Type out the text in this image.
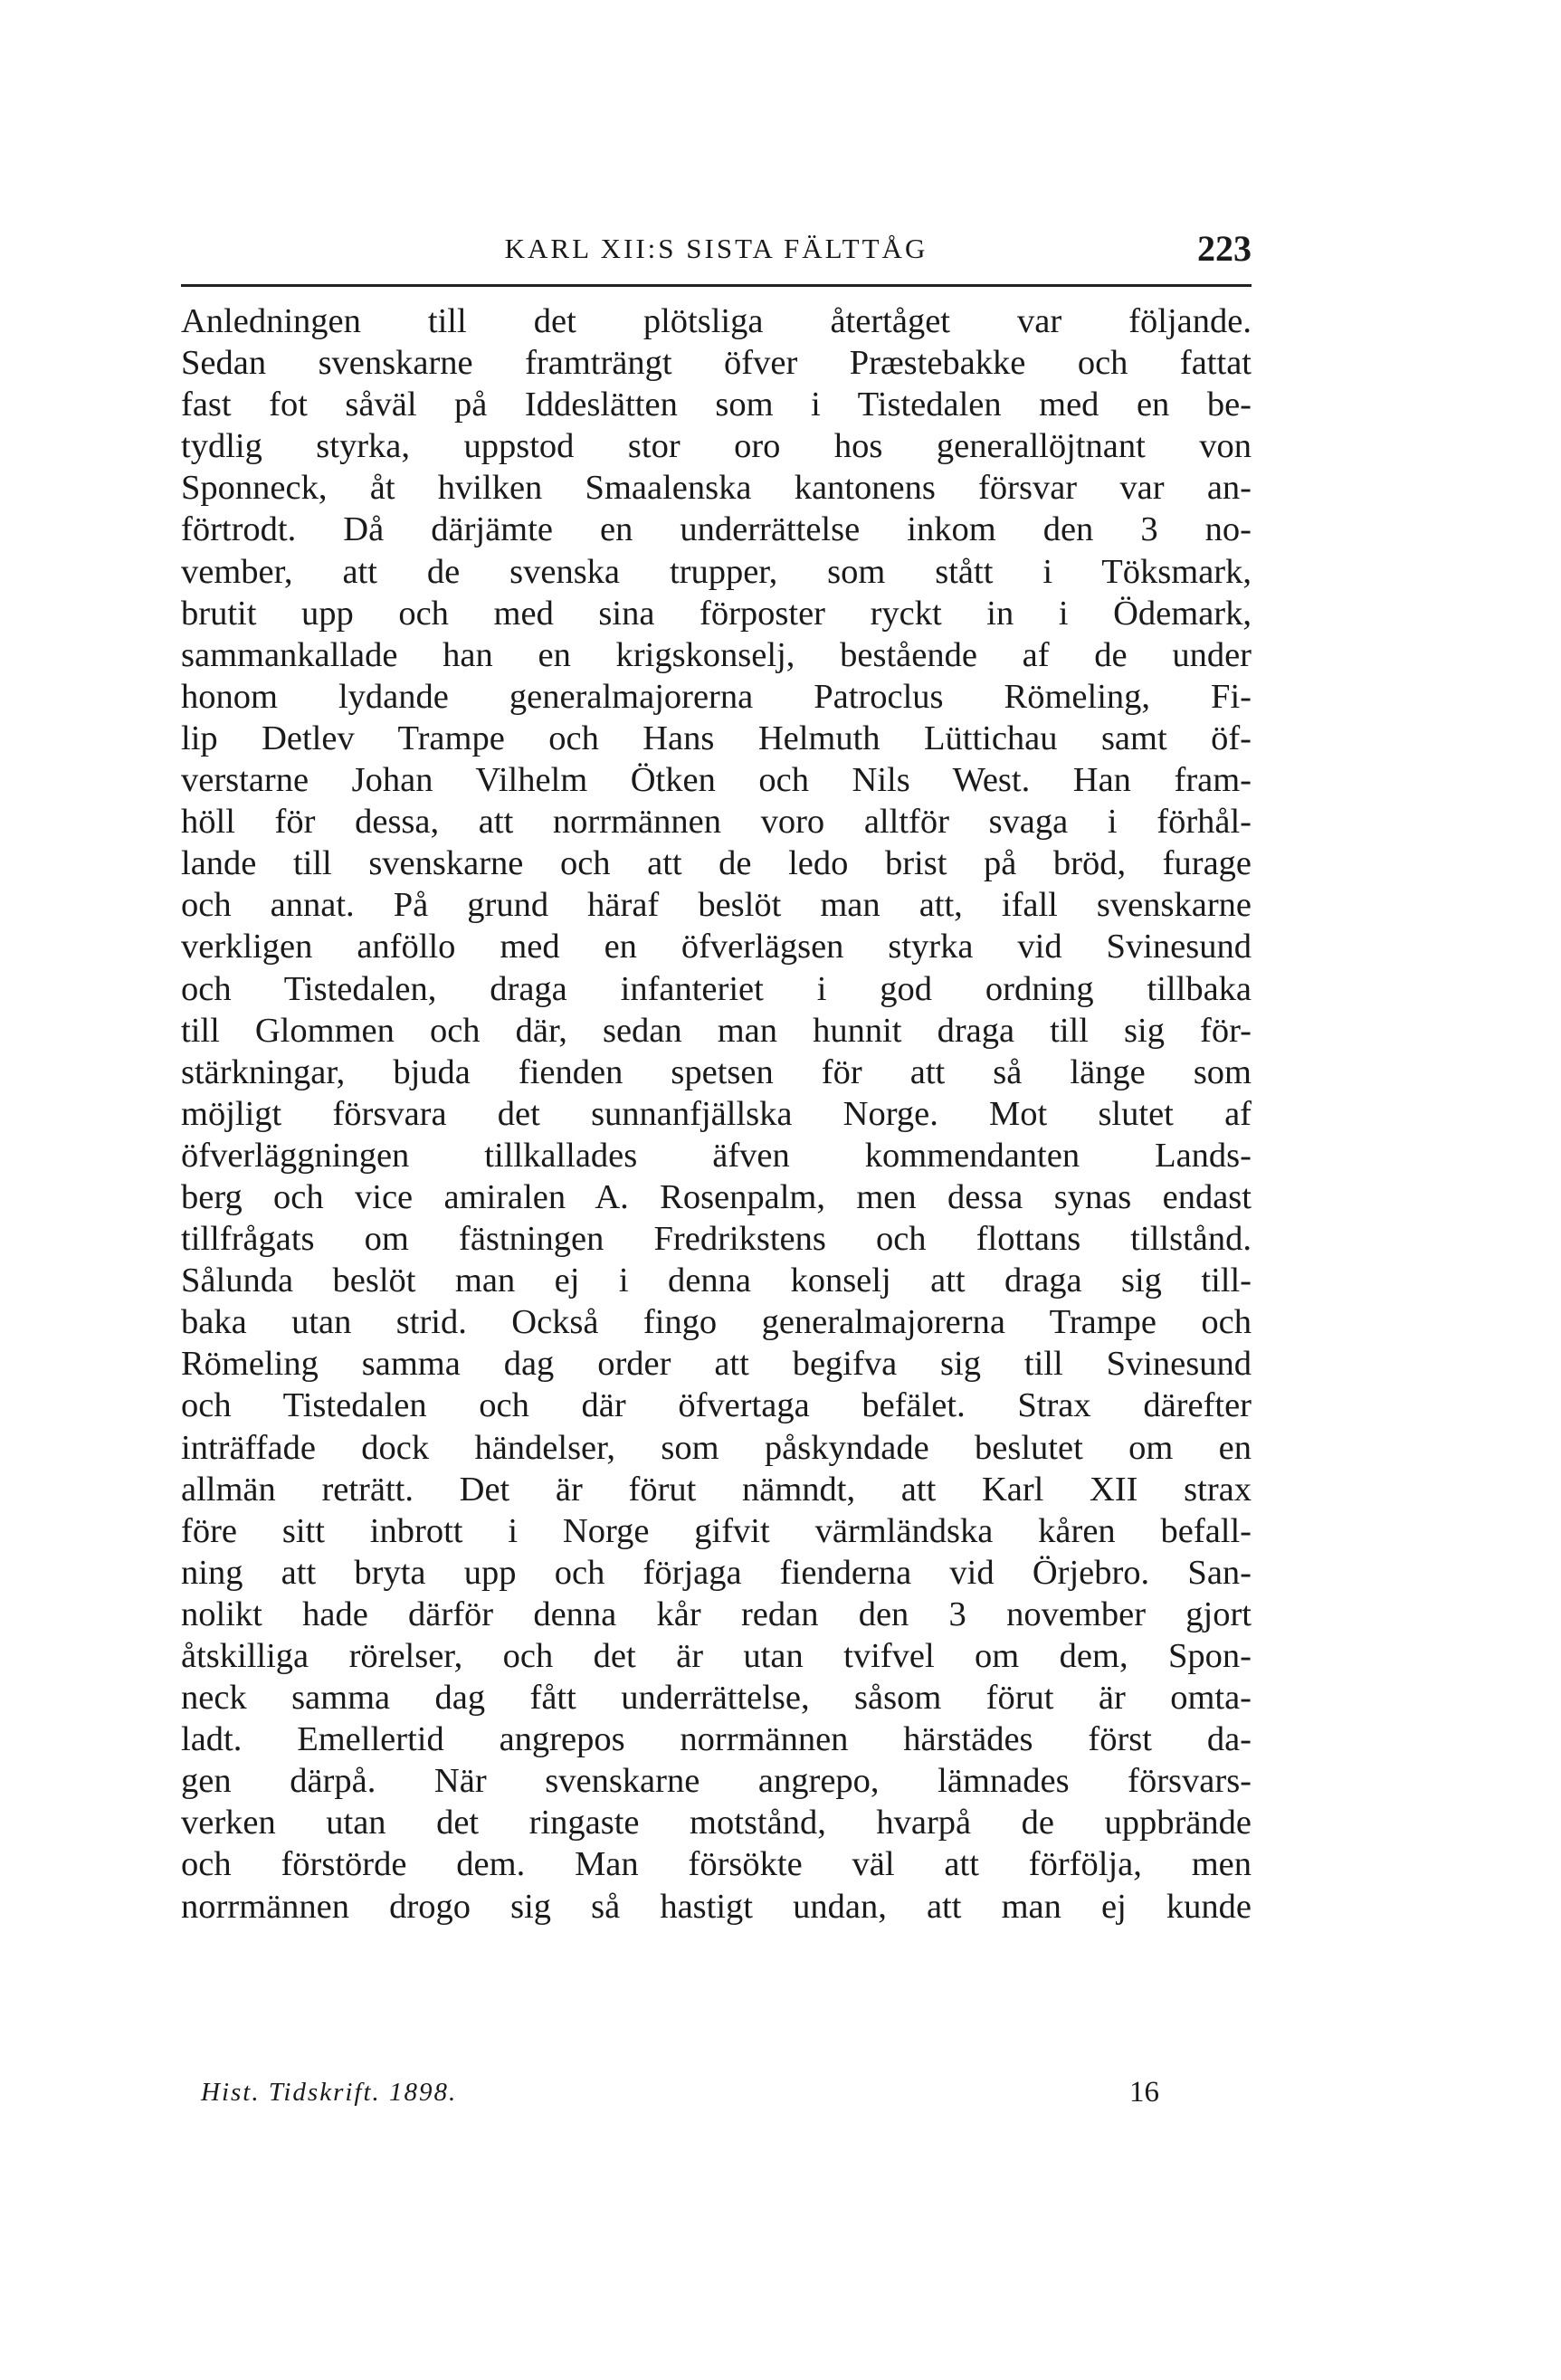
KARL XII:S SISTA FÄLTTÅG	223
Anledningen till det plötsliga återtåget var följande.
Sedan svenskarne framträngt öfver Præstebakke och fattat
fast fot såväl på Iddeslätten som i Tistedalen med en be-
tydlig styrka, uppstod stor oro hos generallöjtnant von
Sponneck, åt hvilken Smaalenska kantonens försvar var an-
förtrodt. Då därjämte en underrättelse inkom den 3 no-
vember, att de svenska trupper, som stått i Töksmark,
brutit upp och med sina förposter ryckt in i Ödemark,
sammankallade han en krigskonselj, bestående af de under
honom lydande generalmajorerna Patroclus Römeling, Fi-
lip Detlev Trampe och Hans Helmuth Lüttichau samt öf-
verstarne Johan Vilhelm Ötken och Nils West. Han fram-
höll för dessa, att norrmännen voro alltför svaga i förhål-
lande till svenskarne och att de ledo brist på bröd, furage
och annat. På grund häraf beslöt man att, ifall svenskarne
verkligen anföllo med en öfverlägsen styrka vid Svinesund
och Tistedalen, draga infanteriet i god ordning tillbaka
till Glommen och där, sedan man hunnit draga till sig för-
stärkningar, bjuda fienden spetsen för att så länge som
möjligt försvara det sunnanfjällska Norge. Mot slutet af
öfverläggningen tillkallades äfven kommendanten Lands-
berg och vice amiralen A. Rosenpalm, men dessa synas endast
tillfrågats om fästningen Fredrikstens och flottans tillstånd.
Sålunda beslöt man ej i denna konselj att draga sig till-
baka utan strid. Också fingo generalmajorerna Trampe och
Römeling samma dag order att begifva sig till Svinesund
och Tistedalen och där öfvertaga befälet. Strax därefter
inträffade dock händelser, som påskyndade beslutet om en
allmän reträtt. Det är förut nämndt, att Karl XII strax
före sitt inbrott i Norge gifvit värmländska kåren befall-
ning att bryta upp och förjaga fienderna vid Örjebro. San-
nolikt hade därför denna kår redan den 3 november gjort
åtskilliga rörelser, och det är utan tvifvel om dem, Spon-
neck samma dag fått underrättelse, såsom förut är omta-
ladt. Emellertid angrepos norrmännen härstädes först da-
gen därpå. När svenskarne angrepo, lämnades försvars-
verken utan det ringaste motstånd, hvarpå de uppbrände
och förstörde dem. Man försökte väl att förfölja, men
norrmännen drogo sig så hastigt undan, att man ej kunde
Hist. Tidskrift. 1898.	16
